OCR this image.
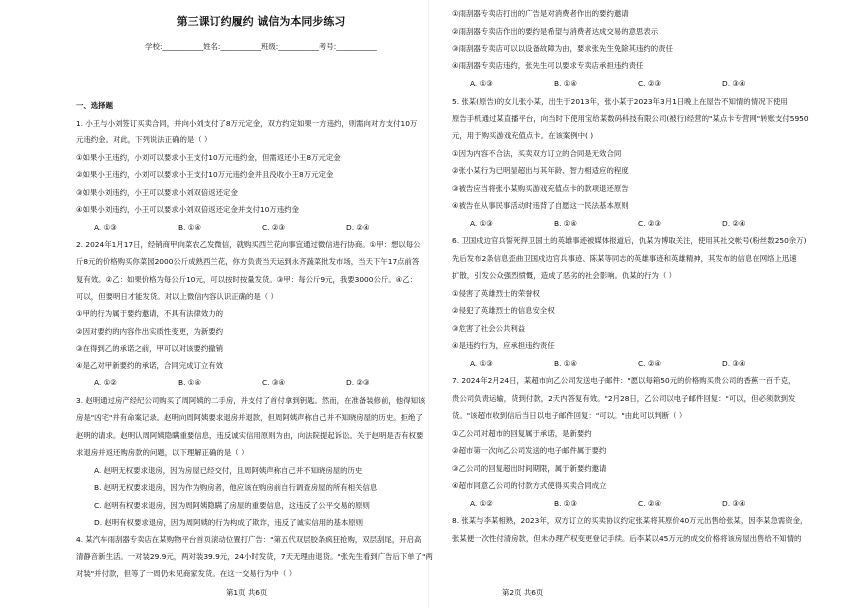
第三课订约履约 诚信为本同步练习
学校:___________姓名:___________班级:___________考号:___________
一、选择题
1. 小王与小刘签订买卖合同，并向小刘支付了8万元定金，双方约定如果一方违约，则需向对方支付10万
元违约金。对此，下列说法正确的是（ ）
①如果小王违约，小刘可以要求小王支付10万元违约金，但需返还小王8万元定金
②如果小王违约，小刘可以要求小王支付10万元违约金并且没收小王8万元定金
③如果小刘违约，小王可以要求小刘双倍返还定金
④如果小刘违约，小王可以要求小刘双倍返还定金并支付10万违约金
A. ①③	B. ①④	C. ②③	D. ②④
2. 2024年1月17日，经销商甲向菜农乙发微信，就购买西兰花向事宜通过微信进行协商。①甲：想以每公
斤8元的价格购买你菜园2000公斤成熟西兰花，你方负责当天运到永齐蔬菜批发市场，当天下午17点前答
复有效。②乙：如果价格为每公斤10元，可以按时按量发货。③甲：每公斤9元，我要3000公斤。④乙：
可以，但要明日才能发货。对以上微信内容认识正确的是（ ）
①甲的行为属于要约邀请，不具有法律效力的
②因对要约的内容作出实质性变更，为新要约
③在得到乙的承诺之前，甲可以对该要约撤销
④是乙对甲新要约的承诺，合同完成订立有效
A. ①②	B. ①④	C. ③④	D. ②③
3. 赵明通过房产经纪公司购买了周阿姨的二手房，并支付了首付拿到钥匙。然而，在准备装修前，他得知该
房是"凶宅"并有命案记录。赵明向周阿姨要求退房并退款，但周阿姨声称自己并不知晓房屋的历史。拒绝了
赵明的请求。赵明认周阿姨隐瞒重要信息，违反诚实信用原则为由，向法院提起诉讼。关于赵明是否有权要
求退房并返还购房款的问题，以下理解正确的是（ ）
A. 赵明无权要求退房，因为房屋已经交付，且周阿姨声称自己并不知晓房屋的历史
B. 赵明无权要求退房，因为作为购房者，他应该在购房前自行调查房屋的所有相关信息
C. 赵明有权要求退房，因为周阿姨隐瞒了房屋的重要信息，这违反了公平交易的原则
D. 赵明有权要求退房，因为周阿姨的行为构成了欺诈，违反了诚实信用的基本原则
4. 某汽车雨刮器专卖店在某购物平台首页滚动位置打广告："第五代双层胶条疯狂抢购，双层刮尾，开启高
清静音新生活。一对装29.9元，两对装39.9元，24小时发货，7天无理由退货。"张先生看到广告后下单了"两
对装"并付款，但等了一周仍未见商家发货。在这一交易行为中（ ）
第1页 共6页
①雨刮器专卖店打出的广告是对消费者作出的要约邀请
②雨刮器专卖店作出的要约是希望与消费者达成交易的意思表示
③雨刮器专卖店可以以设备故障为由，要求张先生免除其违约的责任
④雨刮器专卖店违约，张先生可以要求专卖店承担违约责任
A. ①③	B. ①④	C. ②③	D. ③④
5. 张某(原告)的女儿张小某，出生于2013年，张小某于2023年3月1日晚上在屋告不知情的情况下使用
原告手机通过某直播平台，向当时下使用宝给某数码科技有限公司(被行)经营的"某点卡专营网"转账支付5950
元，用于购买游戏充值点卡。在该案例中( )
①因为内容不合法，买卖双方订立的合同是无效合同
②张小某行为已明显超出与其年龄、智力相适应的程度
③被告应当将张小某购买游戏充值点卡的款项退还原告
④被告在从事民事活动时违背了自愿这一民法基本原则
A. ①③	B. ①④	C. ②③	D. ②④
6. 卫国戍边官兵誓死捍卫国土的英雄事迹被媒体报道后，仇某为博取关注，使用其社交帐号(粉丝数250余万)
先后发布2条信息歪曲卫国戍边官兵事迹、陈某等同志的英雄事迹和英雄精神，其发布的信息在网络上迅速
扩散，引发公众强烈愤慨，造成了恶劣的社会影响。仇某的行为（ ）
①侵害了英雄烈士的荣誉权
②侵犯了英雄烈士的信息安全权
③危害了社会公共利益
④是违约行为，应承担违约责任
A. ①③	B. ①④	C. ②④	D. ③④
7. 2024年2月24日，某超市向乙公司发送电子邮件："愿以每箱50元的价格购买贵公司的香蕉一百千克，
贵公司负责运输，货到付款，2天内答复有效。"2月28日，乙公司以电子邮件回复："可以，但必须款到发
货。"该超市收到信后当日以电子邮件回复："可以。"由此可以判断（ ）
①乙公司对超市的回复属于承诺，是新要约
②超市第一次向乙公司发送的电子邮件属于要约
③乙公司的回复超出时间期限，属于新要约邀请
④超市同意乙公司的付款方式使得买卖合同成立
A. ①②	B. ①③	C. ②④	D. ③④
8. 张某与李某相熟，2023年，双方订立的买卖协议约定张某将其原价40万元出售给张某，因李某急需资金，
张某便一次性付清房款，但未办理产权变更登记手续。后李某以45万元的成交价格将该房屋出售给不知情的
第2页 共6页
